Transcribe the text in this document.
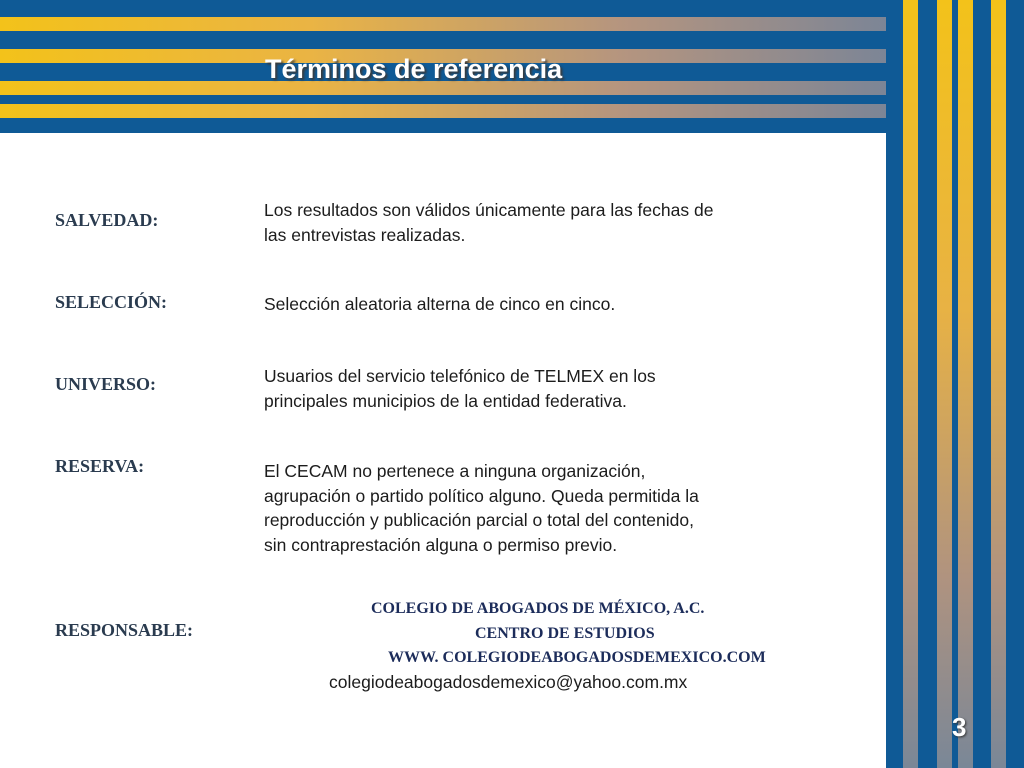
Términos de referencia
SALVEDAD:	Los resultados son válidos únicamente para las fechas de
las entrevistas realizadas.
SELECCIÓN:	Selección aleatoria alterna de cinco en cinco.
UNIVERSO:	Usuarios del servicio telefónico de TELMEX en los
principales municipios de la entidad federativa.
RESERVA:	El CECAM no pertenece a ninguna organización,
agrupación o partido político alguno. Queda permitida la
reproducción y publicación parcial o total del contenido,
sin contraprestación alguna o permiso previo.
RESPONSABLE:
COLEGIO DE ABOGADOS DE MÉXICO, A.C.
CENTRO DE ESTUDIOS
WWW. COLEGIODEABOGADOSDEMEXICO.COM
colegiodeabogadosdemexico@yahoo.com.mx
3
